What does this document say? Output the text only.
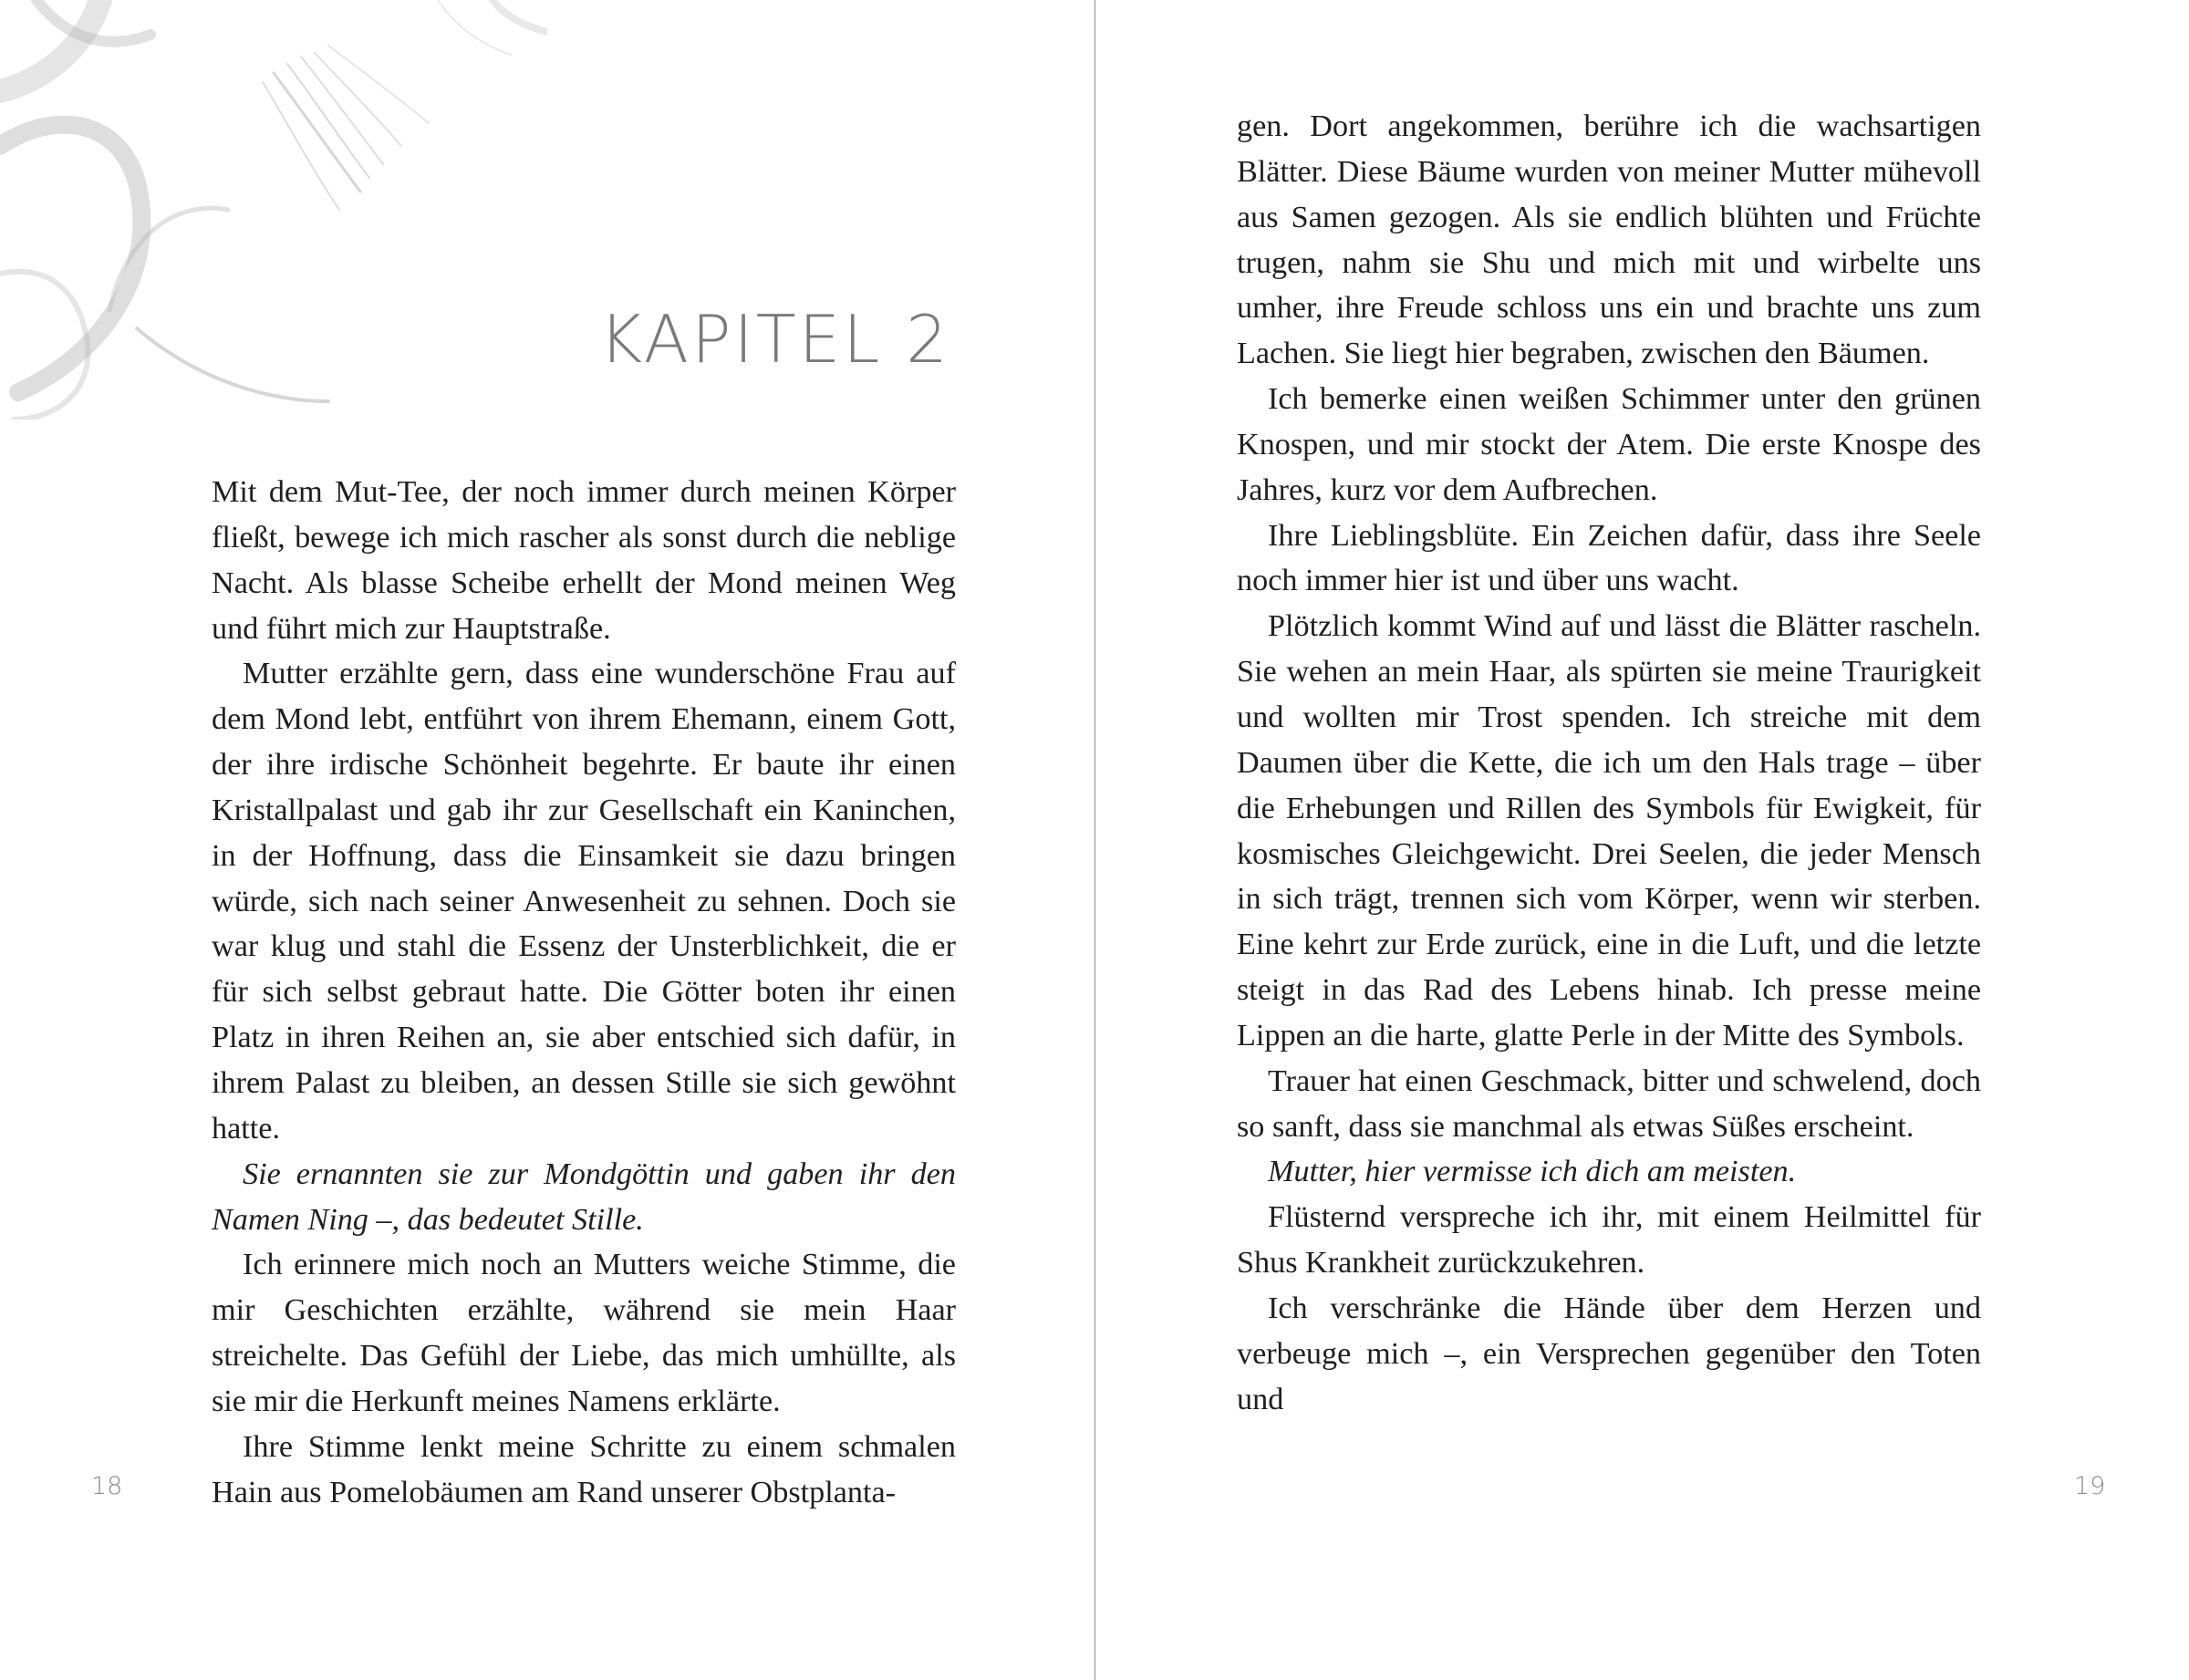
KAPITEL 2

Mit dem Mut-Tee, der noch immer durch meinen Körper fließt, bewege ich mich rascher als sonst durch die neblige Nacht. Als blasse Scheibe erhellt der Mond meinen Weg und führt mich zur Hauptstraße.

Mutter erzählte gern, dass eine wunderschöne Frau auf dem Mond lebt, entführt von ihrem Ehemann, einem Gott, der ihre irdische Schönheit begehrte. Er baute ihr einen Kristallpalast und gab ihr zur Gesellschaft ein Kaninchen, in der Hoffnung, dass die Einsamkeit sie dazu bringen würde, sich nach seiner Anwesenheit zu sehnen. Doch sie war klug und stahl die Essenz der Unsterblichkeit, die er für sich selbst gebraut hatte. Die Götter boten ihr einen Platz in ihren Reihen an, sie aber entschied sich dafür, in ihrem Palast zu bleiben, an dessen Stille sie sich gewöhnt hatte.

Sie ernannten sie zur Mondgöttin und gaben ihr den Namen Ning –, das bedeutet Stille.

Ich erinnere mich noch an Mutters weiche Stimme, die mir Geschichten erzählte, während sie mein Haar streichelte. Das Gefühl der Liebe, das mich umhüllte, als sie mir die Herkunft meines Namens erklärte.

Ihre Stimme lenkt meine Schritte zu einem schmalen Hain aus Pomelobäumen am Rand unserer Obstplanta-

18

gen. Dort angekommen, berühre ich die wachsartigen Blätter. Diese Bäume wurden von meiner Mutter mühevoll aus Samen gezogen. Als sie endlich blühten und Früchte trugen, nahm sie Shu und mich mit und wirbelte uns umher, ihre Freude schloss uns ein und brachte uns zum Lachen. Sie liegt hier begraben, zwischen den Bäumen.

Ich bemerke einen weißen Schimmer unter den grünen Knospen, und mir stockt der Atem. Die erste Knospe des Jahres, kurz vor dem Aufbrechen.

Ihre Lieblingsblüte. Ein Zeichen dafür, dass ihre Seele noch immer hier ist und über uns wacht.

Plötzlich kommt Wind auf und lässt die Blätter rascheln. Sie wehen an mein Haar, als spürten sie meine Traurigkeit und wollten mir Trost spenden. Ich streiche mit dem Daumen über die Kette, die ich um den Hals trage – über die Erhebungen und Rillen des Symbols für Ewigkeit, für kosmisches Gleichgewicht. Drei Seelen, die jeder Mensch in sich trägt, trennen sich vom Körper, wenn wir sterben. Eine kehrt zur Erde zurück, eine in die Luft, und die letzte steigt in das Rad des Lebens hinab. Ich presse meine Lippen an die harte, glatte Perle in der Mitte des Symbols.

Trauer hat einen Geschmack, bitter und schwelend, doch so sanft, dass sie manchmal als etwas Süßes erscheint.

Mutter, hier vermisse ich dich am meisten.

Flüsternd verspreche ich ihr, mit einem Heilmittel für Shus Krankheit zurückzukehren.

Ich verschränke die Hände über dem Herzen und verbeuge mich –, ein Versprechen gegenüber den Toten und

19
